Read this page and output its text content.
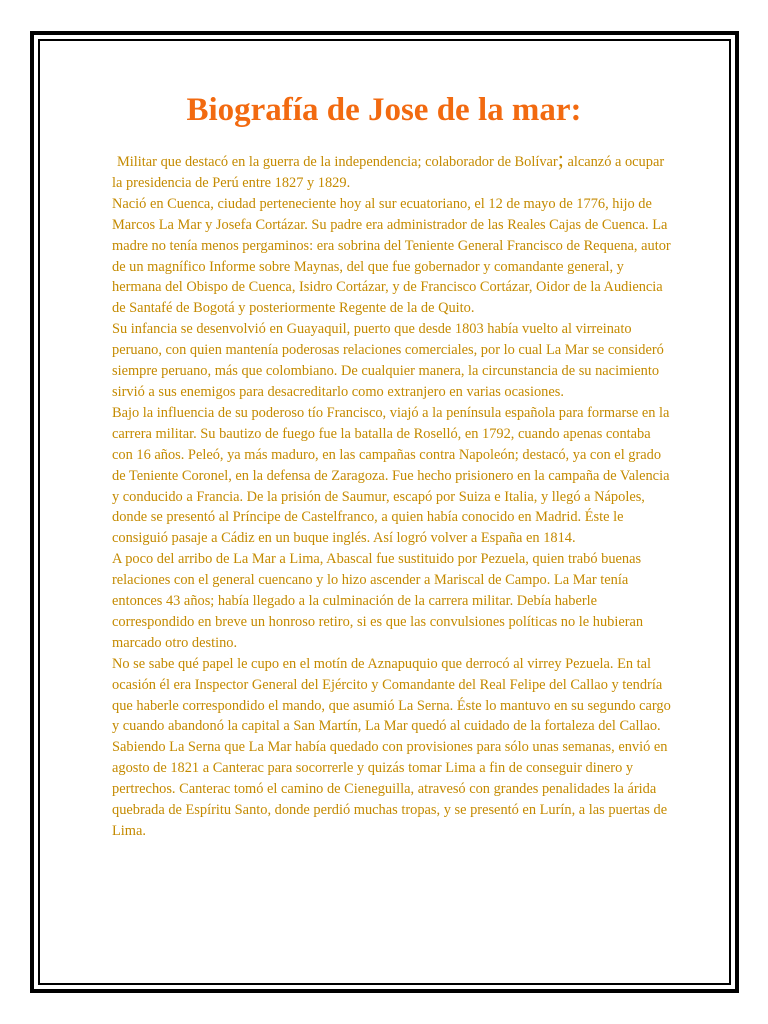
Biografía de Jose de la mar:

Militar que destacó en la guerra de la independencia; colaborador de Bolívar; alcanzó a ocupar la presidencia de Perú entre 1827 y 1829.

Nació en Cuenca, ciudad perteneciente hoy al sur ecuatoriano, el 12 de mayo de 1776, hijo de Marcos La Mar y Josefa Cortázar. Su padre era administrador de las Reales Cajas de Cuenca. La madre no tenía menos pergaminos: era sobrina del Teniente General Francisco de Requena, autor de un magnífico Informe sobre Maynas, del que fue gobernador y comandante general, y hermana del Obispo de Cuenca, Isidro Cortázar, y de Francisco Cortázar, Oidor de la Audiencia de Santafé de Bogotá y posteriormente Regente de la de Quito.

Su infancia se desenvolvió en Guayaquil, puerto que desde 1803 había vuelto al virreinato peruano, con quien mantenía poderosas relaciones comerciales, por lo cual La Mar se consideró siempre peruano, más que colombiano. De cualquier manera, la circunstancia de su nacimiento sirvió a sus enemigos para desacreditarlo como extranjero en varias ocasiones.

Bajo la influencia de su poderoso tío Francisco, viajó a la península española para formarse en la carrera militar. Su bautizo de fuego fue la batalla de Roselló, en 1792, cuando apenas contaba con 16 años. Peleó, ya más maduro, en las campañas contra Napoleón; destacó, ya con el grado de Teniente Coronel, en la defensa de Zaragoza. Fue hecho prisionero en la campaña de Valencia y conducido a Francia. De la prisión de Saumur, escapó por Suiza e Italia, y llegó a Nápoles, donde se presentó al Príncipe de Castelfranco, a quien había conocido en Madrid. Éste le consiguió pasaje a Cádiz en un buque inglés. Así logró volver a España en 1814.

A poco del arribo de La Mar a Lima, Abascal fue sustituido por Pezuela, quien trabó buenas relaciones con el general cuencano y lo hizo ascender a Mariscal de Campo. La Mar tenía entonces 43 años; había llegado a la culminación de la carrera militar. Debía haberle correspondido en breve un honroso retiro, si es que las convulsiones políticas no le hubieran marcado otro destino.

No se sabe qué papel le cupo en el motín de Aznapuquio que derrocó al virrey Pezuela. En tal ocasión él era Inspector General del Ejército y Comandante del Real Felipe del Callao y tendría que haberle correspondido el mando, que asumió La Serna. Éste lo mantuvo en su segundo cargo y cuando abandonó la capital a San Martín, La Mar quedó al cuidado de la fortaleza del Callao.

Sabiendo La Serna que La Mar había quedado con provisiones para sólo unas semanas, envió en agosto de 1821 a Canterac para socorrerle y quizás tomar Lima a fin de conseguir dinero y pertrechos. Canterac tomó el camino de Cieneguilla, atravesó con grandes penalidades la árida quebrada de Espíritu Santo, donde perdió muchas tropas, y se presentó en Lurín, a las puertas de Lima.
